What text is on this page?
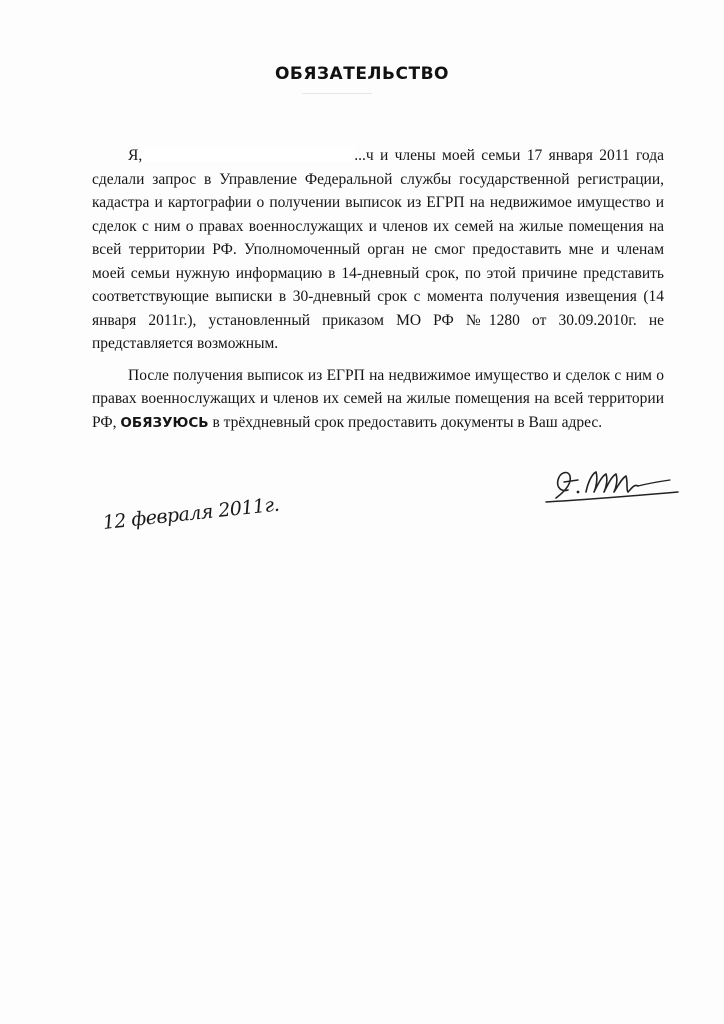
ОБЯЗАТЕЛЬСТВО

Я,	...ч и члены моей семьи 17 января 2011 года сделали запрос в Управление Федеральной службы государственной регистрации, кадастра и картографии о получении выписок из ЕГРП на недвижимое имущество и сделок с ним о правах военнослужащих и членов их семей на жилые помещения на всей территории РФ. Уполномоченный орган не смог предоставить мне и членам моей семьи нужную информацию в 14-дневный срок, по этой причине представить соответствующие выписки в 30-дневный срок с момента получения извещения (14 января 2011г.), установленный приказом МО РФ №1280 от 30.09.2010г. не представляется возможным.

После получения выписок из ЕГРП на недвижимое имущество и сделок с ним о правах военнослужащих и членов их семей на жилые помещения на всей территории РФ, ОБЯЗУЮСЬ в трёхдневный срок предоставить документы в Ваш адрес.

12 февраля 2011г.
